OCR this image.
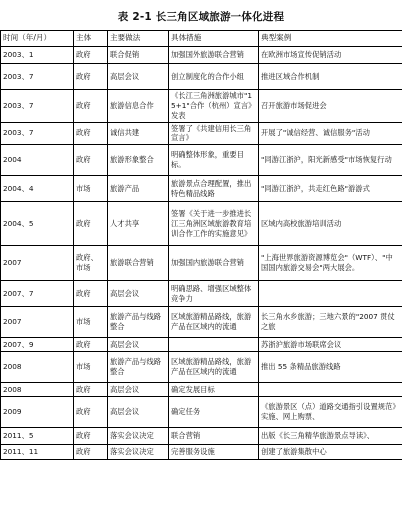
表 2-1 长三角区域旅游一体化进程
时间（年/月）	主体	主要做法	具体措施	典型案例
2003、1	政府	联合促销	加强国外旅游联合营销	在欧洲市场宣传促销活动
2003、7	政府	高层会议	创立制度化的合作小组	推进区域合作机制
2003、7	政府	旅游信息合作	《长江三角洲旅游城市"15+1"合作（杭州）宣言》发表	召开旅游市场促进会
2003、7	政府	诚信共建	签署了《共建信用长三角宣言》	开展了"诚信经营、诚信服务"活动
2004	政府	旅游形象整合	明确整体形象，重要目标。	"同游江浙沪，阳光新感受"市场恢复行动
2004、4	市场	旅游产品	旅游景点合理配置，推出特色精品线路	"同游江浙沪，共走红色路"游游式
2004、5	政府	人才共享	签署《关于进一步推进长江三角洲区域旅游教育培训合作工作的实施意见》	区域内高校旅游培训活动
2007	政府、市场	旅游联合营销	加强国内旅游联合营销	"上海世界旅游资源博览会"（WTF）、"中国国内旅游交易会"两大展会。
2007、7	政府	高层会议	明确思路、增强区域整体竞争力	
2007	市场	旅游产品与线路整合	区域旅游精品路线，旅游产品在区域内的流通	长三角水乡旅游；三地六景的"2007 贯仗之旅
2007、9	政府	高层会议		苏浙沪旅游市场联席会议
2008	市场	旅游产品与线路整合	区域旅游精品路线，旅游产品在区域内的流通	推出 55 条精品旅游线路
2008	政府	高层会议	确定发展目标	
2009	政府	高层会议	确定任务	《旅游景区（点）道路交通指引设置规范》实施、网上购票、
2011、5	政府	落实会议决定	联合营销	出版《长三角精华旅游景点导读》、
2011、11	政府	落实会议决定	完善服务设施	创建了旅游集散中心
